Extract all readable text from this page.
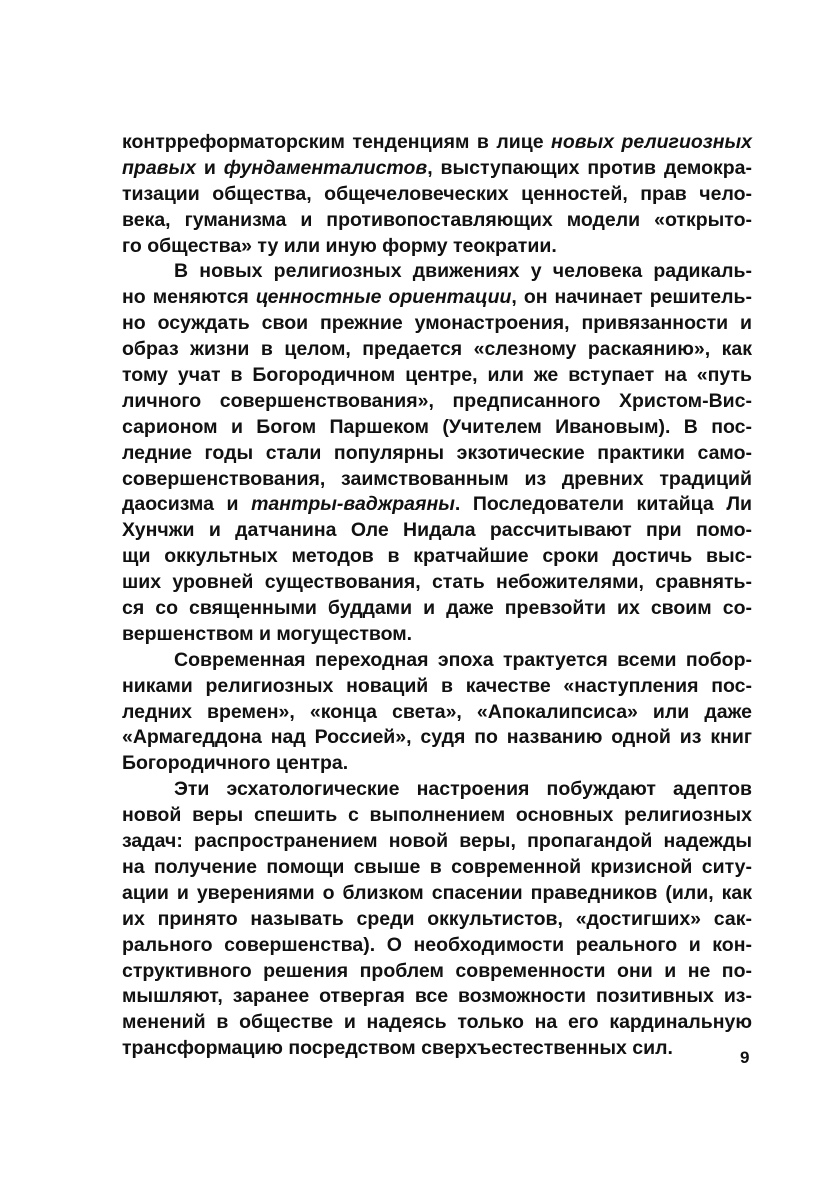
контрреформаторским тенденциям в лице новых религиозных
правых и фундаменталистов, выступающих против демокра-
тизации общества, общечеловеческих ценностей, прав чело-
века, гуманизма и противопоставляющих модели «открыто-
го общества» ту или иную форму теократии.
В новых религиозных движениях у человека радикаль-
но меняются ценностные ориентации, он начинает решитель-
но осуждать свои прежние умонастроения, привязанности и
образ жизни в целом, предается «слезному раскаянию», как
тому учат в Богородичном центре, или же вступает на «путь
личного совершенствования», предписанного Христом-Вис-
сарионом и Богом Паршеком (Учителем Ивановым). В пос-
ледние годы стали популярны экзотические практики само-
совершенствования, заимствованным из древних традиций
даосизма и тантры-ваджраяны. Последователи китайца Ли
Хунчжи и датчанина Оле Нидала рассчитывают при помо-
щи оккультных методов в кратчайшие сроки достичь выс-
ших уровней существования, стать небожителями, сравнять-
ся со священными буддами и даже превзойти их своим со-
вершенством и могуществом.
Современная переходная эпоха трактуется всеми побор-
никами религиозных новаций в качестве «наступления пос-
ледних времен», «конца света», «Апокалипсиса» или даже
«Армагеддона над Россией», судя по названию одной из книг
Богородичного центра.
Эти эсхатологические настроения побуждают адептов
новой веры спешить с выполнением основных религиозных
задач: распространением новой веры, пропагандой надежды
на получение помощи свыше в современной кризисной ситу-
ации и уверениями о близком спасении праведников (или, как
их принято называть среди оккультистов, «достигших» сак-
рального совершенства). О необходимости реального и кон-
структивного решения проблем современности они и не по-
мышляют, заранее отвергая все возможности позитивных из-
менений в обществе и надеясь только на его кардинальную
трансформацию посредством сверхъестественных сил.	9
